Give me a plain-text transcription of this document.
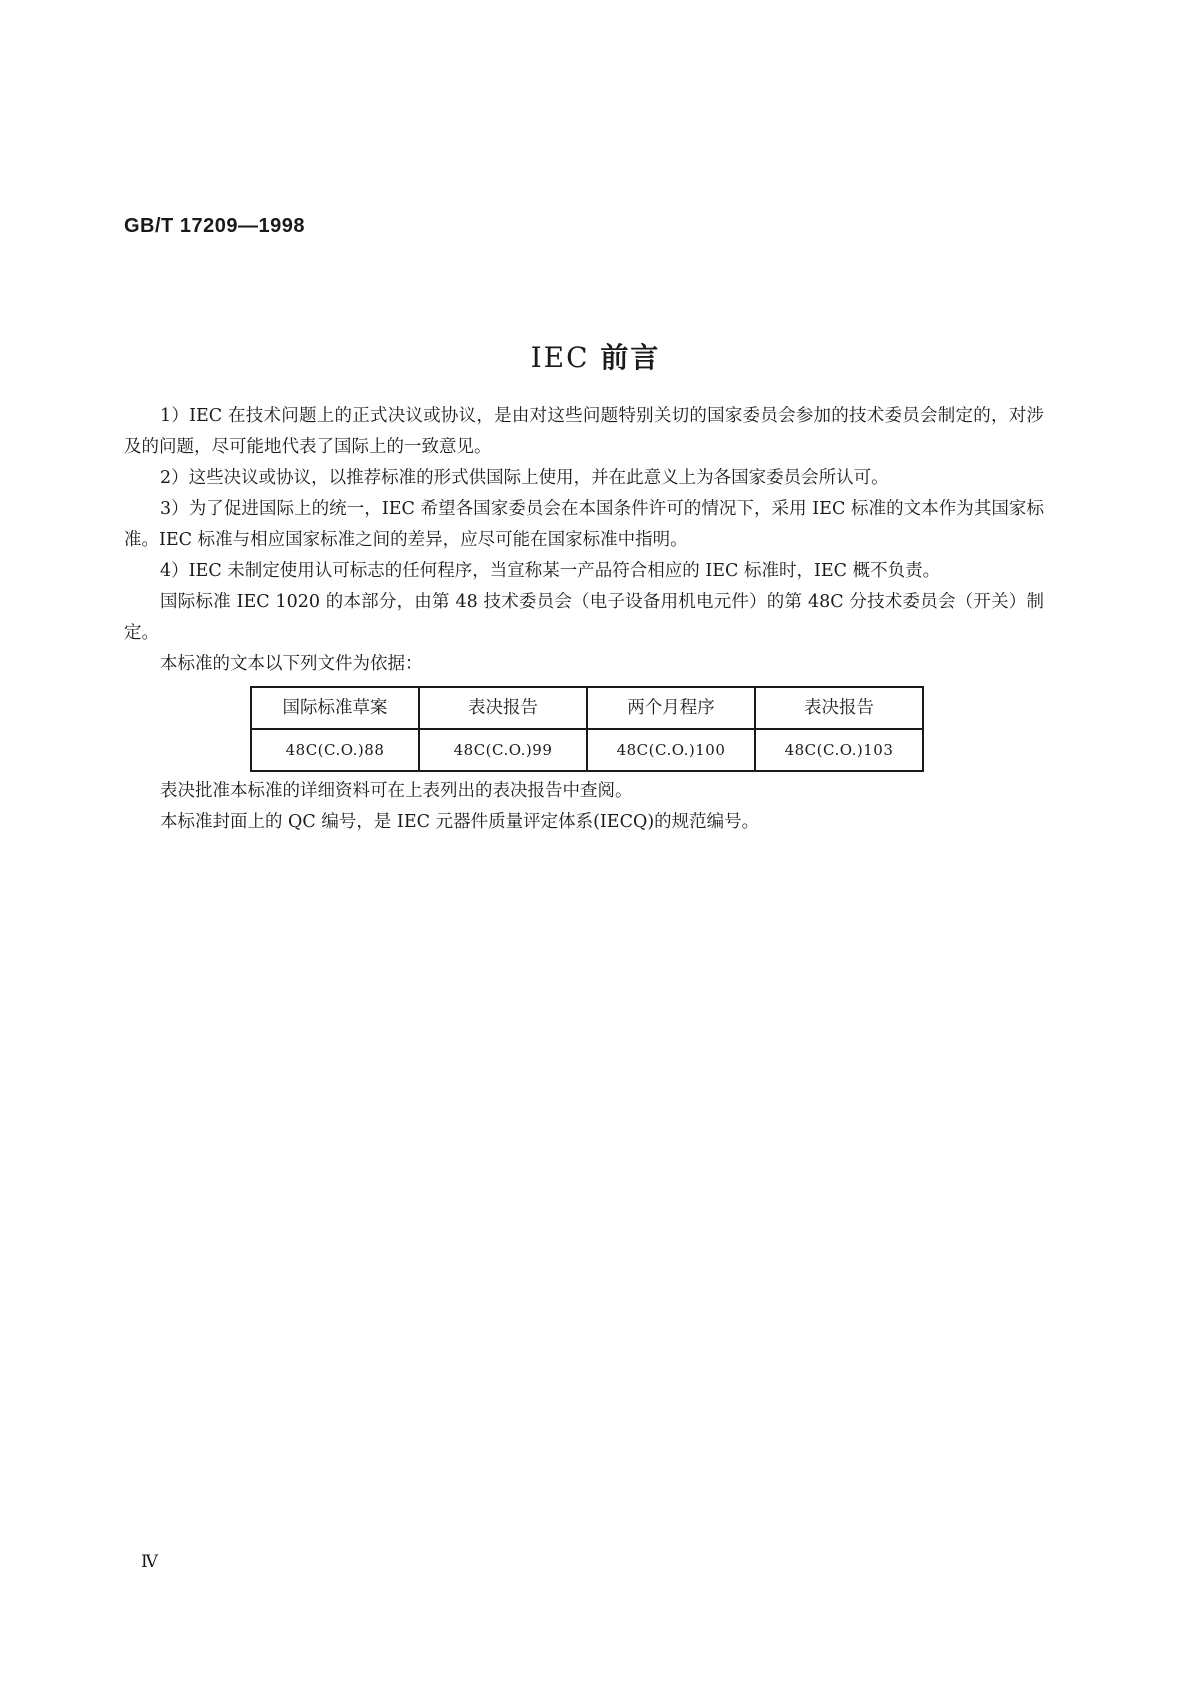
GB/T 17209—1998
IEC 前言

1）IEC 在技术问题上的正式决议或协议，是由对这些问题特别关切的国家委员会参加的技术委员会制定的，对涉及的问题，尽可能地代表了国际上的一致意见。

2）这些决议或协议，以推荐标准的形式供国际上使用，并在此意义上为各国家委员会所认可。

3）为了促进国际上的统一，IEC 希望各国家委员会在本国条件许可的情况下，采用 IEC 标准的文本作为其国家标准。IEC 标准与相应国家标准之间的差异，应尽可能在国家标准中指明。

4）IEC 未制定使用认可标志的任何程序，当宣称某一产品符合相应的 IEC 标准时，IEC 概不负责。

国际标准 IEC 1020 的本部分，由第 48 技术委员会（电子设备用机电元件）的第 48C 分技术委员会（开关）制定。

本标准的文本以下列文件为依据：

国际标准草案	表决报告	两个月程序	表决报告
48C(C.O.)88	48C(C.O.)99	48C(C.O.)100	48C(C.O.)103

表决批准本标准的详细资料可在上表列出的表决报告中查阅。

本标准封面上的 QC 编号，是 IEC 元器件质量评定体系(IECQ)的规范编号。

Ⅳ
